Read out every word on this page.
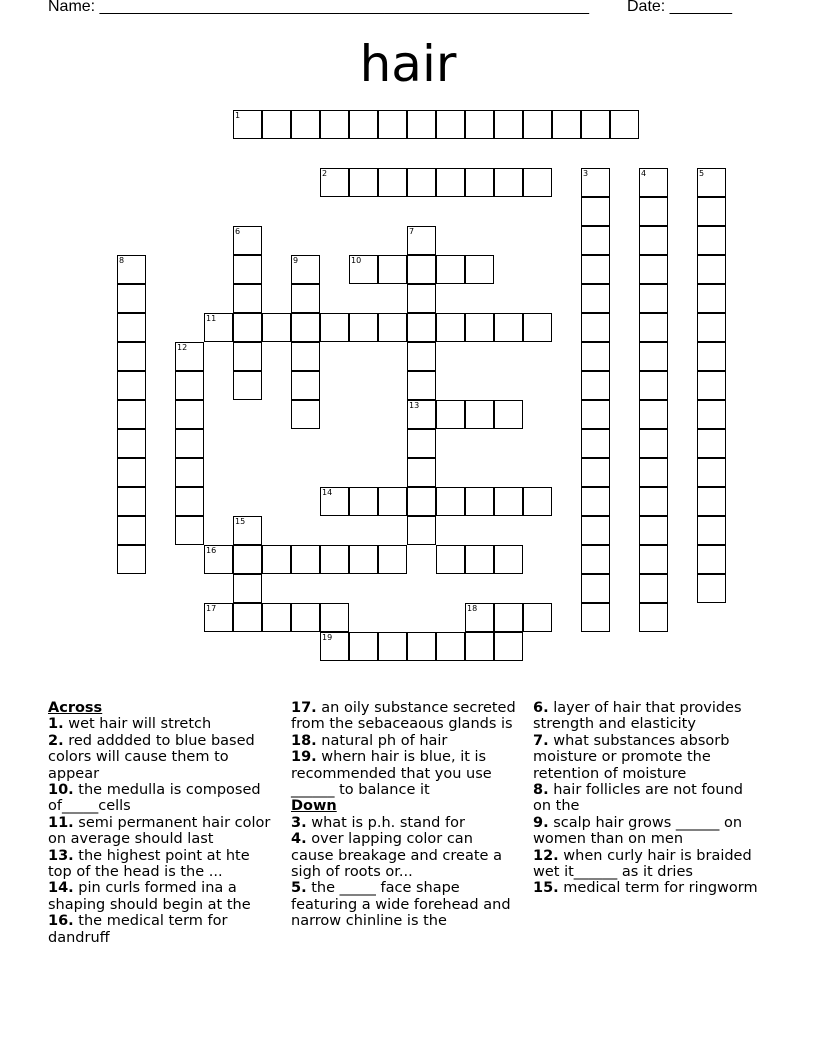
Name: _______________________________________________________ Date: _______
hair
1
2	3	4	5
6	7
8	9	10
11
12
13
14
15
16
17	18
19
Across
1. wet hair will stretch
2. red addded to blue based
colors will cause them to
appear
10. the medulla is composed
of_____cells
11. semi permanent hair color
on average should last
13. the highest point at hte
top of the head is the ...
14. pin curls formed ina a
shaping should begin at the
16. the medical term for
dandruff
17. an oily substance secreted
from the sebaceaous glands is
18. natural ph of hair
19. whern hair is blue, it is
recommended that you use
______ to balance it
Down
3. what is p.h. stand for
4. over lapping color can
cause breakage and create a
sigh of roots or...
5. the _____ face shape
featuring a wide forehead and
narrow chinline is the
6. layer of hair that provides
strength and elasticity
7. what substances absorb
moisture or promote the
retention of moisture
8. hair follicles are not found
on the
9. scalp hair grows ______ on
women than on men
12. when curly hair is braided
wet it______ as it dries
15. medical term for ringworm
